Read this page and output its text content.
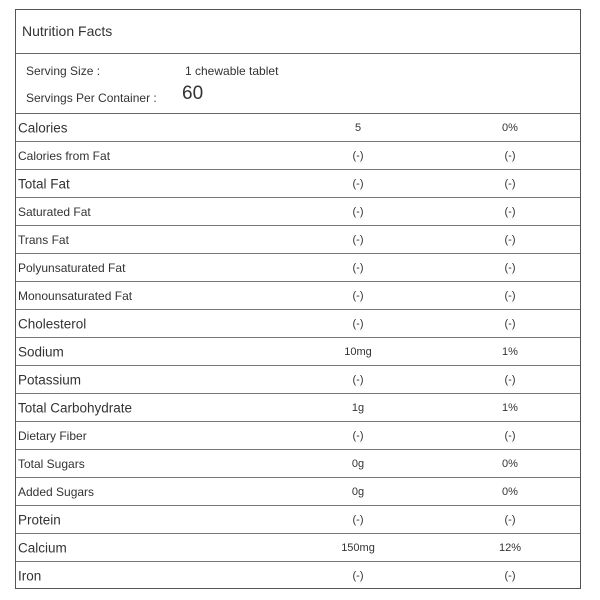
Nutrition Facts
Serving Size :	1 chewable tablet
Servings Per Container : 60
Calories	5	0%
Calories from Fat	(-)	(-)
Total Fat	(-)	(-)
Saturated Fat	(-)	(-)
Trans Fat	(-)	(-)
Polyunsaturated Fat	(-)	(-)
Monounsaturated Fat	(-)	(-)
Cholesterol	(-)	(-)
Sodium	10mg	1%
Potassium	(-)	(-)
Total Carbohydrate	1g	1%
Dietary Fiber	(-)	(-)
Total Sugars	0g	0%
Added Sugars	0g	0%
Protein	(-)	(-)
Calcium	150mg	12%
Iron	(-)	(-)
